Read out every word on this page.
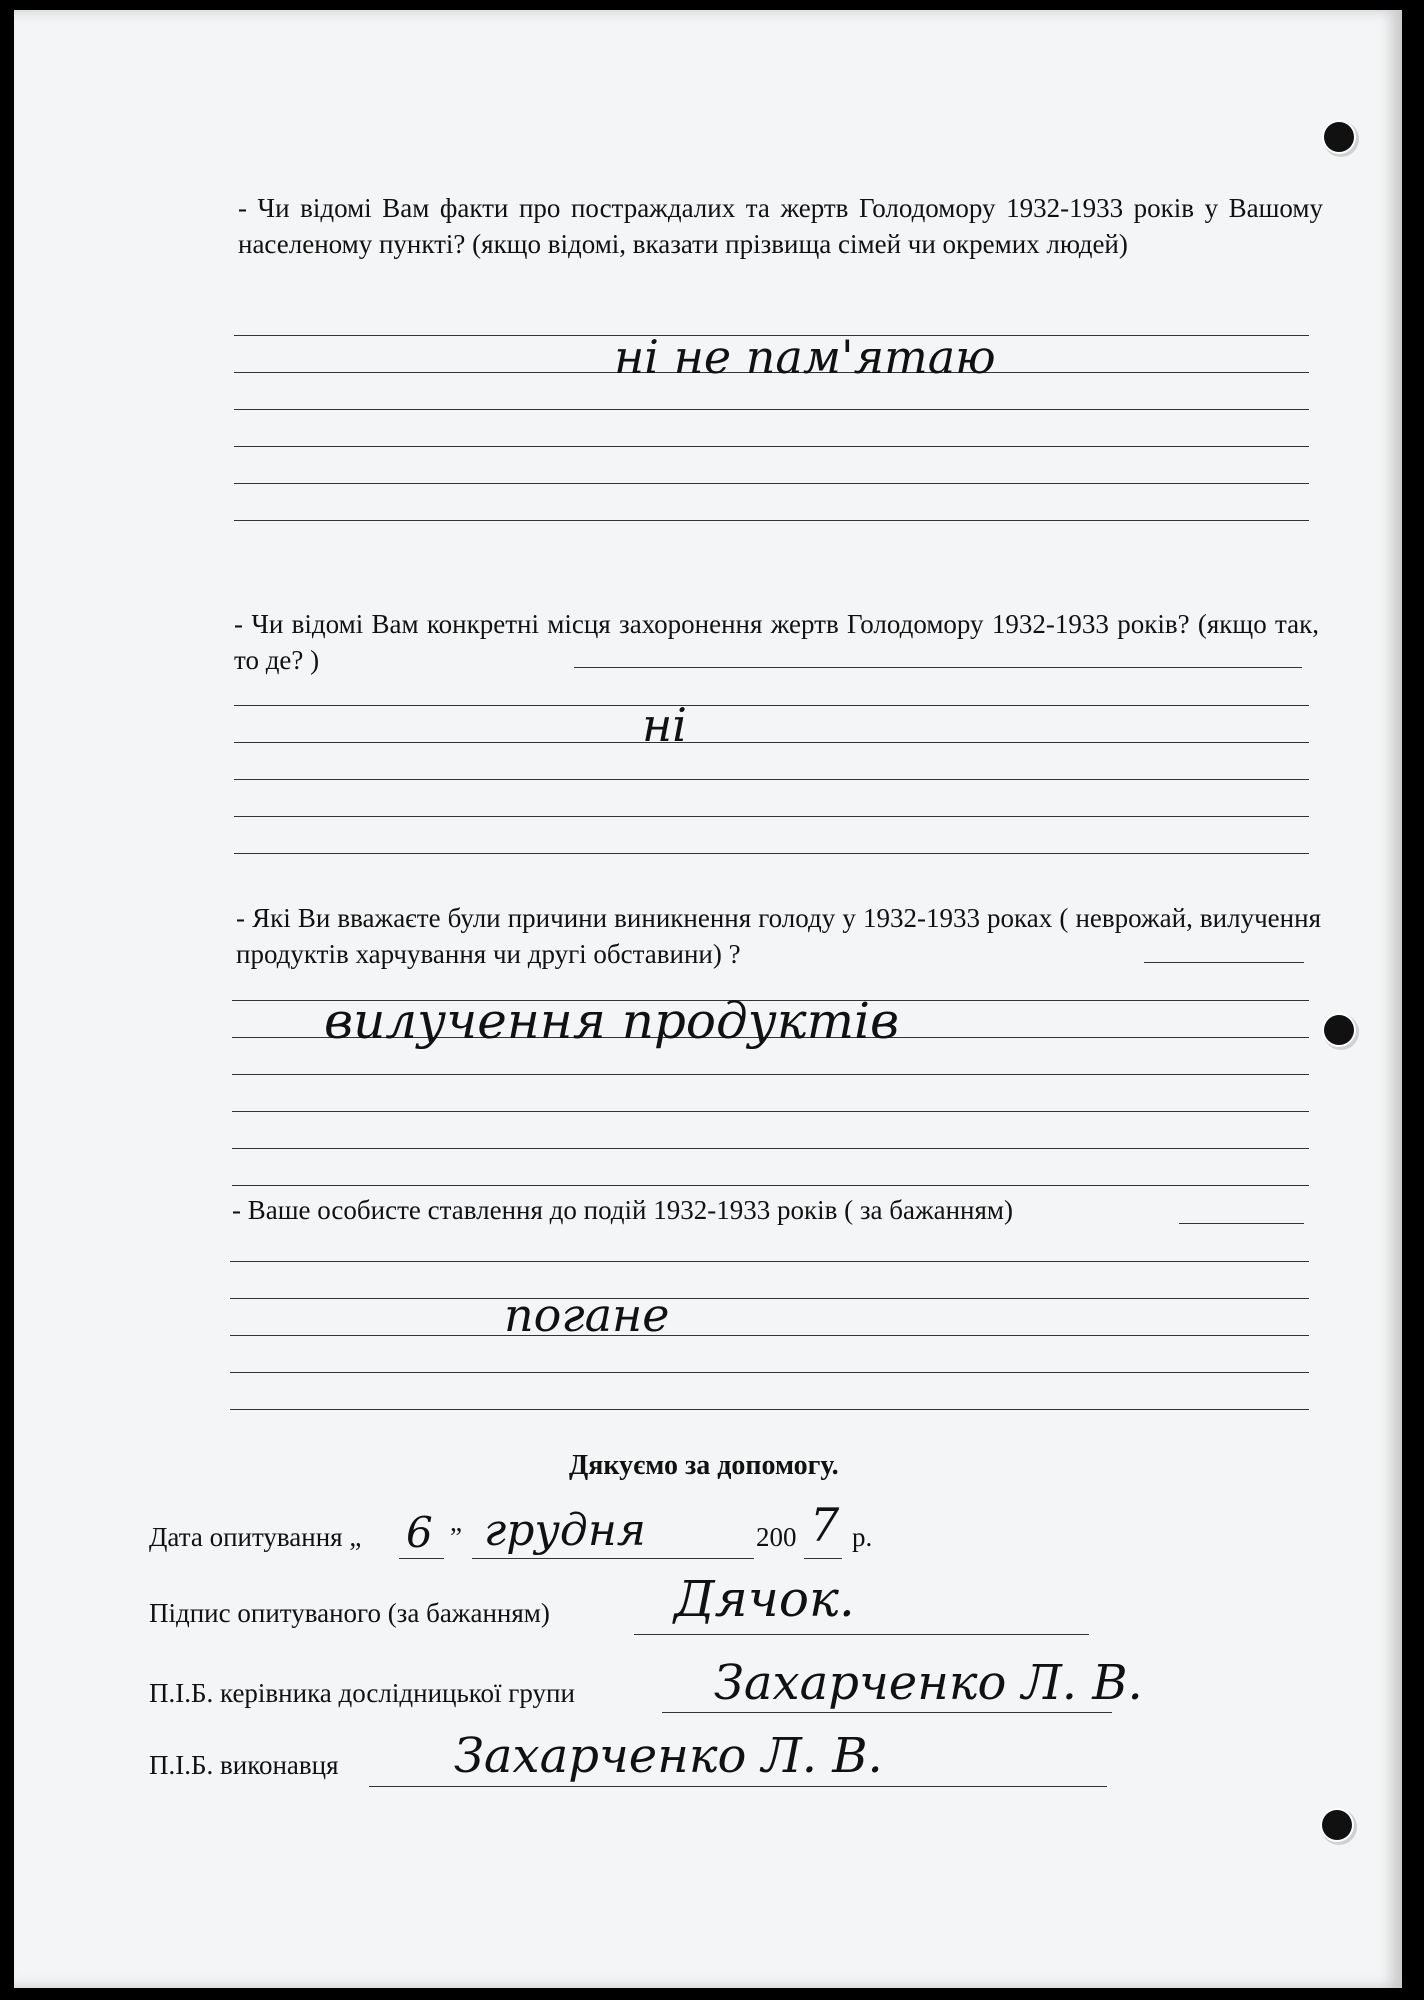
- Чи відомі Вам факти про постраждалих та жертв Голодомору 1932-1933 років у Вашому населеному пункті? (якщо відомі, вказати прізвища сімей чи окремих людей)
ні не пам'ятаю
- Чи відомі Вам конкретні місця захоронення жертв Голодомору 1932-1933 років? (якщо так, то де? )
ні
- Які Ви вважаєте були причини виникнення голоду у 1932-1933 роках ( неврожай, вилучення продуктів харчування чи другі обставини) ?
вилучення продуктів
- Ваше особисте ставлення до подій 1932-1933 років ( за бажанням)
погане
Дякуємо за допомогу.
Дата опитування „ 6 ” грудня	200 7 р.
Підпис опитуваного (за бажанням) Дячок.
П.І.Б. керівника дослідницької групи	Захарченко Л. В.
П.І.Б. виконавця Захарченко Л. В.
